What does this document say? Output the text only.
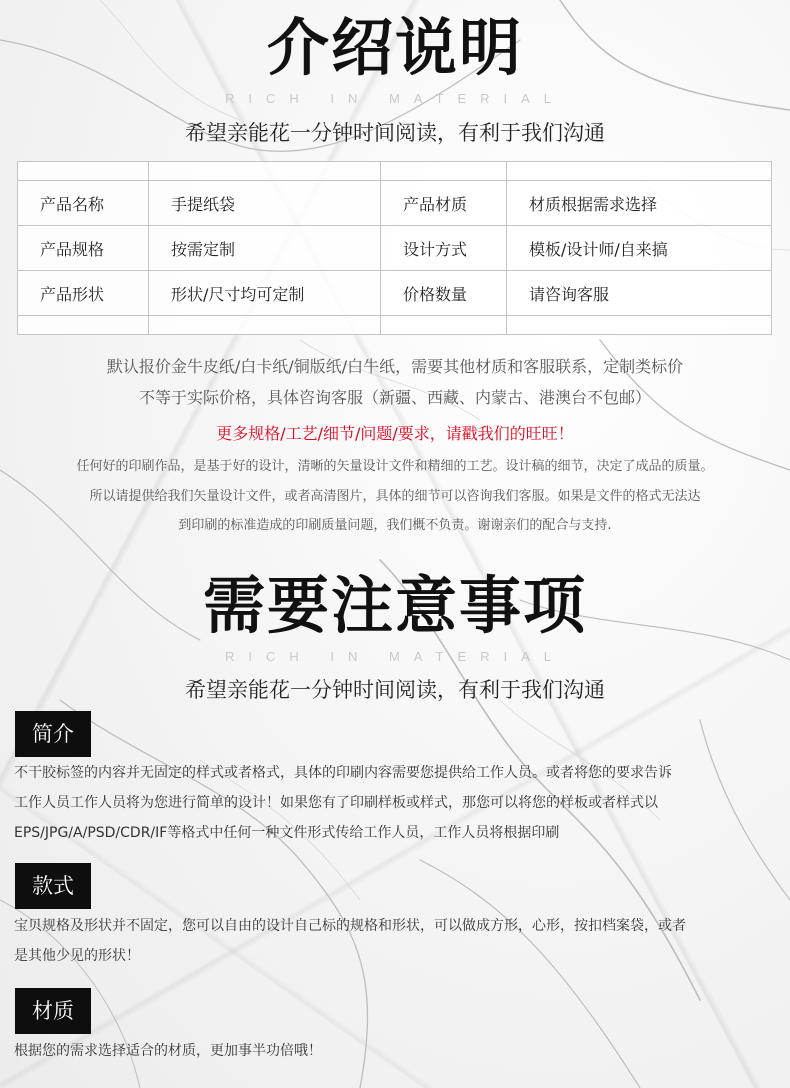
介绍说明
RICH IN MATERIAL
希望亲能花一分钟时间阅读，有利于我们沟通

产品名称	手提纸袋	产品材质	材质根据需求选择
产品规格	按需定制	设计方式	模板/设计师/自来搞
产品形状	形状/尺寸均可定制	价格数量	请咨询客服

默认报价金牛皮纸/白卡纸/铜版纸/白牛纸，需要其他材质和客服联系，定制类标价
不等于实际价格，具体咨询客服（新疆、西藏、内蒙古、港澳台不包邮）
更多规格/工艺/细节/问题/要求，请戳我们的旺旺！
任何好的印刷作品，是基于好的设计，清晰的矢量设计文件和精细的工艺。设计稿的细节，决定了成品的质量。
所以请提供给我们矢量设计文件，或者高清图片，具体的细节可以咨询我们客服。如果是文件的格式无法达
到印刷的标准造成的印刷质量问题，我们概不负责。谢谢亲们的配合与支持.
需要注意事项
RICH IN MATERIAL
希望亲能花一分钟时间阅读，有利于我们沟通
简介
不干胶标签的内容并无固定的样式或者格式，具体的印刷内容需要您提供给工作人员。或者将您的要求告诉
工作人员工作人员将为您进行简单的设计！如果您有了印刷样板或样式，那您可以将您的样板或者样式以
EPS/JPG/A/PSD/CDR/IF等格式中任何一种文件形式传给工作人员，工作人员将根据印刷
款式
宝贝规格及形状并不固定，您可以自由的设计自己标的规格和形状，可以做成方形，心形，按扣档案袋，或者
是其他少见的形状！
材质
根据您的需求选择适合的材质，更加事半功倍哦！
